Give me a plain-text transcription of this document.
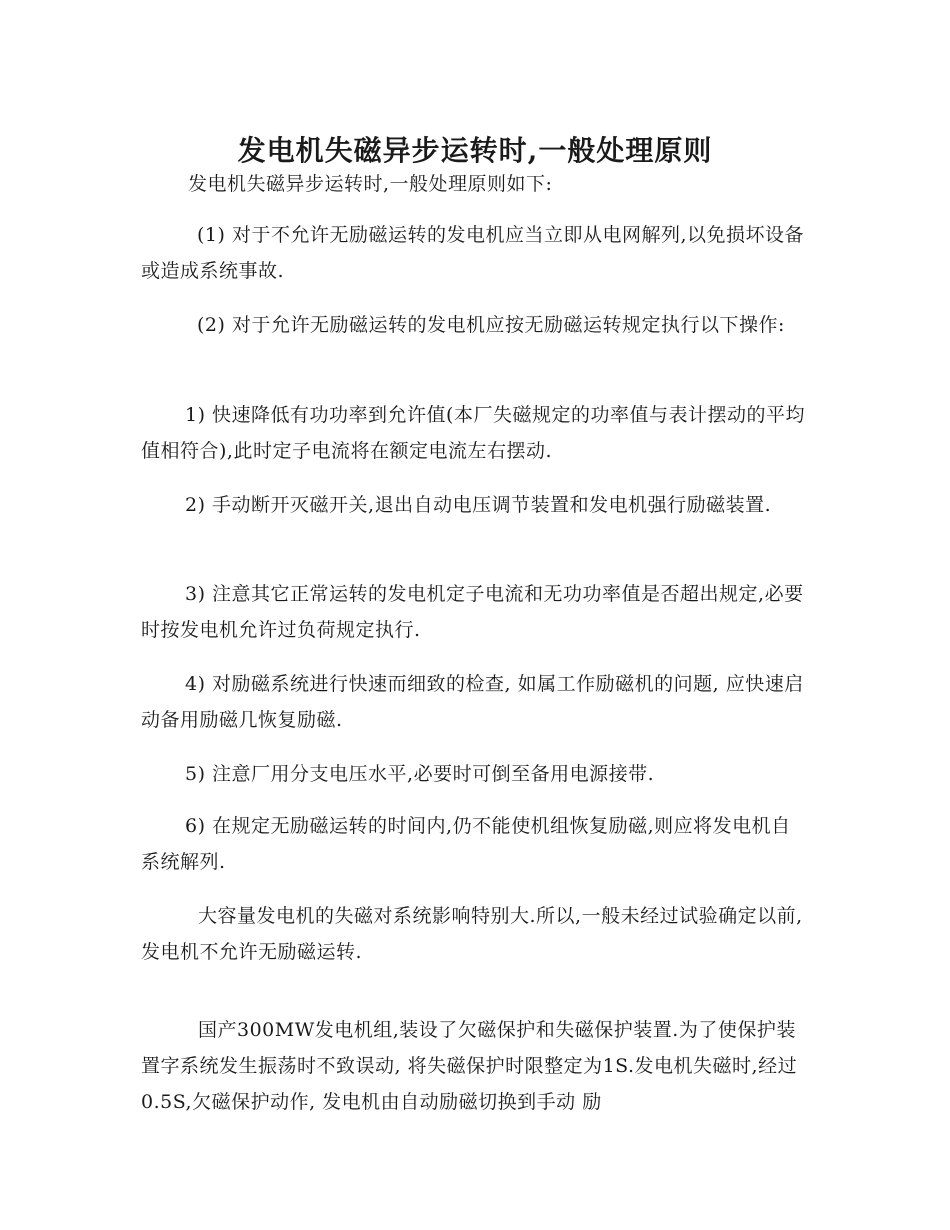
发电机失磁异步运转时,一般处理原则

发电机失磁异步运转时,一般处理原则如下:

(1) 对于不允许无励磁运转的发电机应当立即从电网解列,以免损坏设备或造成系统事故.

(2) 对于允许无励磁运转的发电机应按无励磁运转规定执行以下操作:

1) 快速降低有功功率到允许值(本厂失磁规定的功率值与表计摆动的平均值相符合),此时定子电流将在额定电流左右摆动.

2) 手动断开灭磁开关,退出自动电压调节装置和发电机强行励磁装置.

3) 注意其它正常运转的发电机定子电流和无功功率值是否超出规定,必要时按发电机允许过负荷规定执行.

4) 对励磁系统进行快速而细致的检查, 如属工作励磁机的问题, 应快速启动备用励磁几恢复励磁.

5) 注意厂用分支电压水平,必要时可倒至备用电源接带.

6) 在规定无励磁运转的时间内,仍不能使机组恢复励磁,则应将发电机自系统解列.

大容量发电机的失磁对系统影响特别大.所以,一般未经过试验确定以前,发电机不允许无励磁运转.

国产300MW发电机组,装设了欠磁保护和失磁保护装置.为了使保护装置字系统发生振荡时不致误动, 将失磁保护时限整定为1S.发电机失磁时,经过0.5S,欠磁保护动作, 发电机由自动励磁切换到手动 励
